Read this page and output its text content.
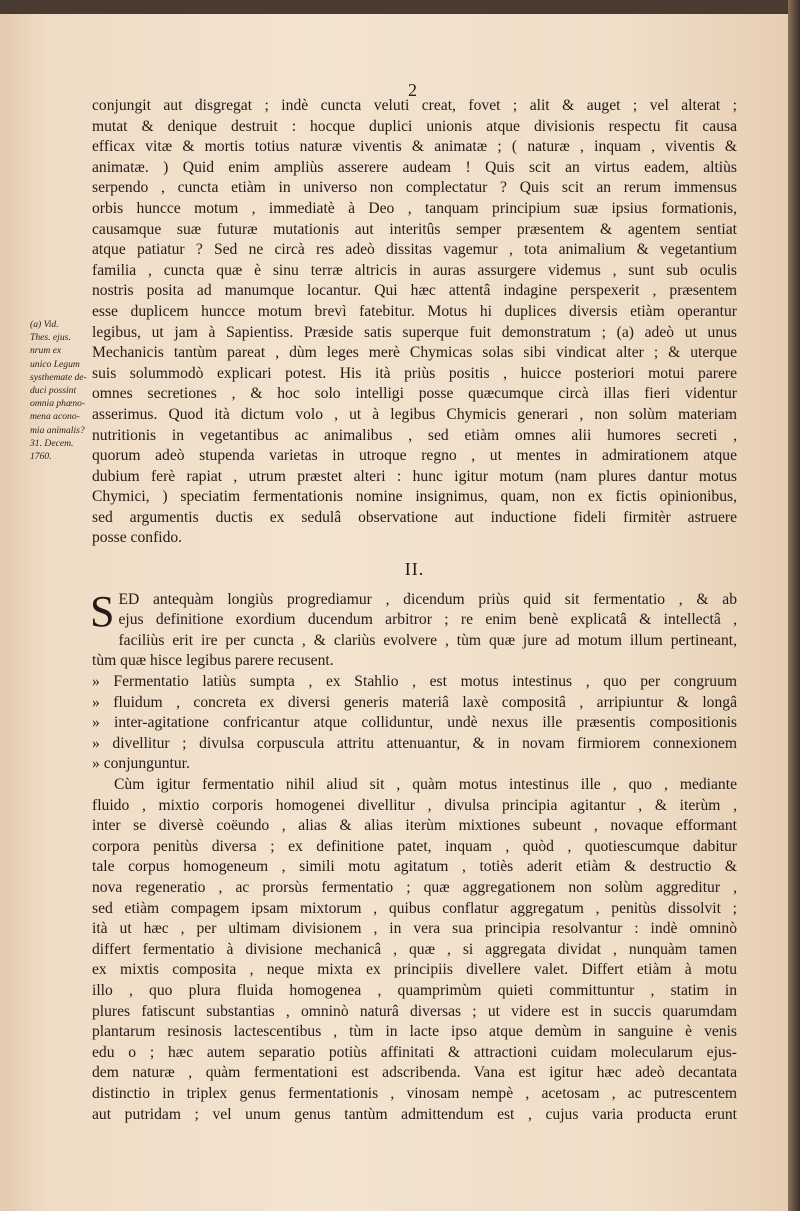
2
(a) Vid.
Thes. ejus.
nrum ex
unico Legum
systhemate de-
duci possint
omnia phæno-
mena acono-
mia animalis?
31. Decem.
1760.
conjungit aut disgregat ; indè cuncta veluti creat, fovet ; alit & auget ; vel alterat ;
mutat & denique destruit : hocque duplici unionis atque divisionis respectu fit causa
efficax vitæ & mortis totius naturæ viventis & animatæ ; ( naturæ , inquam , viventis &
animatæ. ) Quid enim ampliùs asserere audeam ! Quis scit an virtus eadem, altiùs
serpendo , cuncta etiàm in universo non complectatur ? Quis scit an rerum immensus
orbis huncce motum , immediatè à Deo , tanquam principium suæ ipsius formationis,
causamque suæ futuræ mutationis aut interitûs semper præsentem & agentem sentiat
atque patiatur ? Sed ne circà res adeò dissitas vagemur , tota animalium & vegetantium
familia , cuncta quæ è sinu terræ altricis in auras assurgere videmus , sunt sub oculis
nostris posita ad manumque locantur. Qui hæc attentâ indagine perspexerit , præsentem
esse duplicem huncce motum brevì fatebitur. Motus hi duplices diversis etiàm operantur
legibus, ut jam à Sapientiss. Præside satis superque fuit demonstratum ; (a) adeò ut unus
Mechanicis tantùm pareat , dùm leges merè Chymicas solas sibi vindicat alter ; & uterque
suis solummodò explicari potest. His ità priùs positis , huicce posteriori motui parere
omnes secretiones , & hoc solo intelligi posse quæcumque circà illas fieri videntur
asserimus. Quod ità dictum volo , ut à legibus Chymicis generari , non solùm materiam
nutritionis in vegetantibus ac animalibus , sed etiàm omnes alii humores secreti ,
quorum adeò stupenda varietas in utroque regno , ut mentes in admirationem atque
dubium ferè rapiat , utrum præstet alteri : hunc igitur motum (nam plures dantur motus
Chymici, ) speciatim fermentationis nomine insignimus, quam, non ex fictis opinionibus,
sed argumentis ductis ex sedulâ observatione aut inductione fideli firmitèr astruere
posse confido.
II.
S ED antequàm longiùs progrediamur , dicendum priùs quid sit fermentatio , & ab
ejus definitione exordium ducendum arbitror ; re enim benè explicatâ & intellectâ ,
faciliùs erit ire per cuncta , & clariùs evolvere , tùm quæ jure ad motum illum pertineant,
tùm quæ hisce legibus parere recusent.
» Fermentatio latiùs sumpta , ex Stahlio , est motus intestinus , quo per congruum
» fluidum , concreta ex diversi generis materiâ laxè compositâ , arripiuntur & longâ
» inter-agitatione confricantur atque colliduntur, undè nexus ille præsentis compositionis
» divellitur ; divulsa corpuscula attritu attenuantur, & in novam firmiorem connexionem
» conjunguntur.
Cùm igitur fermentatio nihil aliud sit , quàm motus intestinus ille , quo , mediante
fluido , mixtio corporis homogenei divellitur , divulsa principia agitantur , & iterùm ,
inter se diversè coëundo , alias & alias iterùm mixtiones subeunt , novaque efformant
corpora penitùs diversa ; ex definitione patet, inquam , quòd , quotiescumque dabitur
tale corpus homogeneum , simili motu agitatum , totiès aderit etiàm & destructio &
nova regeneratio , ac prorsùs fermentatio ; quæ aggregationem non solùm aggreditur ,
sed etiàm compagem ipsam mixtorum , quibus conflatur aggregatum , penitùs dissolvit ;
ità ut hæc , per ultimam divisionem , in vera sua principia resolvantur : indè omninò
differt fermentatio à divisione mechanicâ , quæ , si aggregata dividat , nunquàm tamen
ex mixtis composita , neque mixta ex principiis divellere valet. Differt etiàm à motu
illo , quo plura fluida homogenea , quamprimùm quieti committuntur , statim in
plures fatiscunt substantias , omninò naturâ diversas ; ut videre est in succis quarumdam
plantarum resinosis lactescentibus , tùm in lacte ipso atque demùm in sanguine è venis
edu o ; hæc autem separatio potiùs affinitati & attractioni cuidam molecularum ejus-
dem naturæ , quàm fermentationi est adscribenda. Vana est igitur hæc adeò decantata
distinctio in triplex genus fermentationis , vinosam nempè , acetosam , ac putrescentem
aut putridam ; vel unum genus tantùm admittendum est , cujus varia producta erunt
